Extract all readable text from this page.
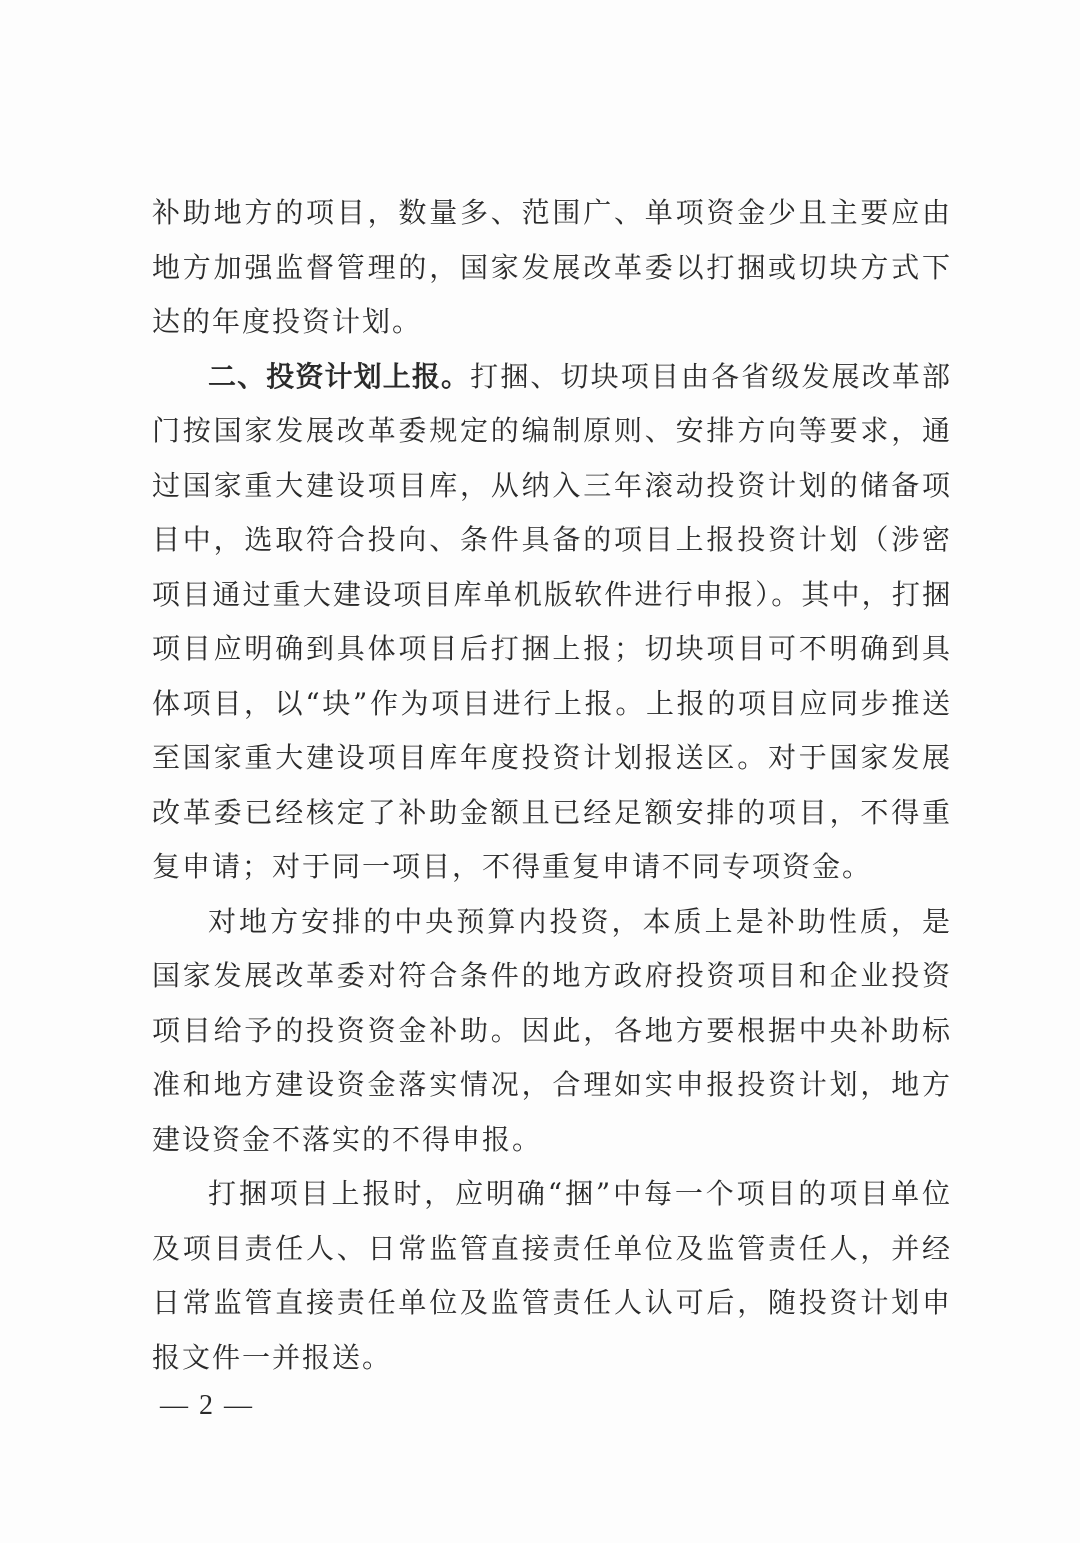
补助地方的项目，数量多、范围广、单项资金少且主要应由地方加强监督管理的，国家发展改革委以打捆或切块方式下达的年度投资计划。

二、投资计划上报。打捆、切块项目由各省级发展改革部门按国家发展改革委规定的编制原则、安排方向等要求，通过国家重大建设项目库，从纳入三年滚动投资计划的储备项目中，选取符合投向、条件具备的项目上报投资计划（涉密项目通过重大建设项目库单机版软件进行申报）。其中，打捆项目应明确到具体项目后打捆上报；切块项目可不明确到具体项目，以“块”作为项目进行上报。上报的项目应同步推送至国家重大建设项目库年度投资计划报送区。对于国家发展改革委已经核定了补助金额且已经足额安排的项目，不得重复申请；对于同一项目，不得重复申请不同专项资金。

对地方安排的中央预算内投资，本质上是补助性质，是国家发展改革委对符合条件的地方政府投资项目和企业投资项目给予的投资资金补助。因此，各地方要根据中央补助标准和地方建设资金落实情况，合理如实申报投资计划，地方建设资金不落实的不得申报。

打捆项目上报时，应明确“捆”中每一个项目的项目单位及项目责任人、日常监管直接责任单位及监管责任人，并经日常监管直接责任单位及监管责任人认可后，随投资计划申报文件一并报送。

— 2 —
